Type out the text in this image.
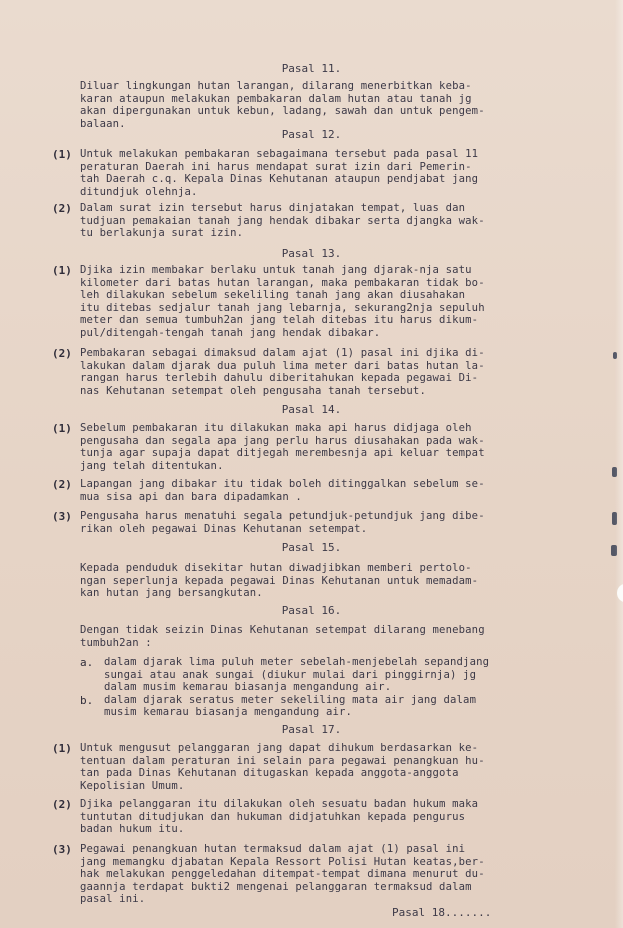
Pasal 11.
Diluar lingkungan hutan larangan, dilarang menerbitkan keba-
karan ataupun melakukan pembakaran dalam hutan atau tanah jg
akan dipergunakan untuk kebun, ladang, sawah dan untuk pengem-
balaan.
Pasal 12.
(1) Untuk melakukan pembakaran sebagaimana tersebut pada pasal 11
peraturan Daerah ini harus mendapat surat izin dari Pemerin-
tah Daerah c.q. Kepala Dinas Kehutanan ataupun pendjabat jang
ditundjuk olehnja.
(2) Dalam surat izin tersebut harus dinjatakan tempat, luas dan
tudjuan pemakaian tanah jang hendak dibakar serta djangka wak-
tu berlakunja surat izin.
Pasal 13.
(1) Djika izin membakar berlaku untuk tanah jang djarak-nja satu
kilometer dari batas hutan larangan, maka pembakaran tidak bo-
leh dilakukan sebelum sekeliling tanah jang akan diusahakan
itu ditebas sedjalur tanah jang lebarnja, sekurang2nja sepuluh
meter dan semua tumbuh2an jang telah ditebas itu harus dikum-
pul/ditengah-tengah tanah jang hendak dibakar.
(2) Pembakaran sebagai dimaksud dalam ajat (1) pasal ini djika di-
lakukan dalam djarak dua puluh lima meter dari batas hutan la-
rangan harus terlebih dahulu diberitahukan kepada pegawai Di-
nas Kehutanan setempat oleh pengusaha tanah tersebut.
Pasal 14.
(1) Sebelum pembakaran itu dilakukan maka api harus didjaga oleh
pengusaha dan segala apa jang perlu harus diusahakan pada wak-
tunja agar supaja dapat ditjegah merembesnja api keluar tempat
jang telah ditentukan.
(2) Lapangan jang dibakar itu tidak boleh ditinggalkan sebelum se-
mua sisa api dan bara dipadamkan .
(3) Pengusaha harus menatuhi segala petundjuk-petundjuk jang dibe-
rikan oleh pegawai Dinas Kehutanan setempat.
Pasal 15.
Kepada penduduk disekitar hutan diwadjibkan memberi pertolo-
ngan seperlunja kepada pegawai Dinas Kehutanan untuk memadam-
kan hutan jang bersangkutan.
Pasal 16.
Dengan tidak seizin Dinas Kehutanan setempat dilarang menebang
tumbuh2an :
a. dalam djarak lima puluh meter sebelah-menjebelah sepandjang
sungai atau anak sungai (diukur mulai dari pinggirnja) jg
dalam musim kemarau biasanja mengandung air.
b. dalam djarak seratus meter sekeliling mata air jang dalam
musim kemarau biasanja mengandung air.
Pasal 17.
(1) Untuk mengusut pelanggaran jang dapat dihukum berdasarkan ke-
tentuan dalam peraturan ini selain para pegawai penangkuan hu-
tan pada Dinas Kehutanan ditugaskan kepada anggota-anggota
Kepolisian Umum.
(2) Djika pelanggaran itu dilakukan oleh sesuatu badan hukum maka
tuntutan ditudjukan dan hukuman didjatuhkan kepada pengurus
badan hukum itu.
(3) Pegawai penangkuan hutan termaksud dalam ajat (1) pasal ini
jang memangku djabatan Kepala Ressort Polisi Hutan keatas,ber-
hak melakukan penggeledahan ditempat-tempat dimana menurut du-
gaannja terdapat bukti2 mengenai pelanggaran termaksud dalam
pasal ini.
Pasal 18.......
